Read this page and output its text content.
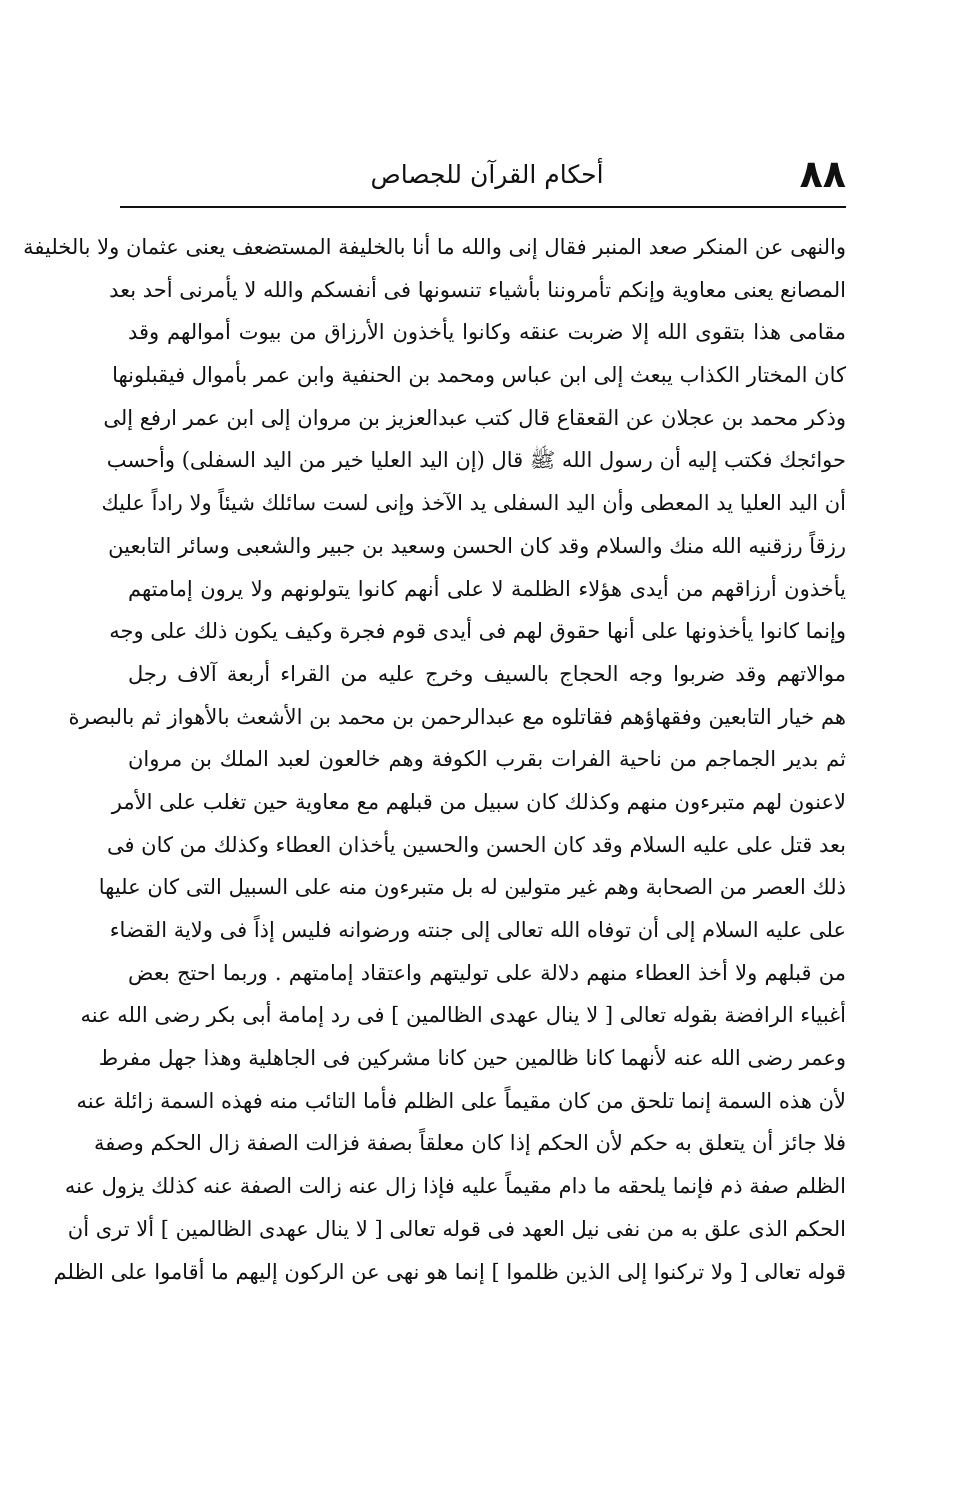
٨٨
أحكام القرآن للجصاص
والنهى عن المنكر صعد المنبر فقال إنى والله ما أنا بالخليفة المستضعف يعنى عثمان ولا بالخليفة
المصانع يعنى معاوية وإنكم تأمروننا بأشياء تنسونها فى أنفسكم والله لا يأمرنى أحد بعد
مقامى هذا بتقوى الله إلا ضربت عنقه وكانوا يأخذون الأرزاق من بيوت أموالهم وقد
كان المختار الكذاب يبعث إلى ابن عباس ومحمد بن الحنفية وابن عمر بأموال فيقبلونها
وذكر محمد بن عجلان عن القعقاع قال كتب عبدالعزيز بن مروان إلى ابن عمر ارفع إلى
حوائجك فكتب إليه أن رسول الله ﷺ قال (إن اليد العليا خير من اليد السفلى) وأحسب
أن اليد العليا يد المعطى وأن اليد السفلى يد الآخذ وإنى لست سائلك شيئاً ولا راداً عليك
رزقاً رزقنيه الله منك والسلام وقد كان الحسن وسعيد بن جبير والشعبى وسائر التابعين
يأخذون أرزاقهم من أيدى هؤلاء الظلمة لا على أنهم كانوا يتولونهم ولا يرون إمامتهم
وإنما كانوا يأخذونها على أنها حقوق لهم فى أيدى قوم فجرة وكيف يكون ذلك على وجه
موالاتهم وقد ضربوا وجه الحجاج بالسيف وخرج عليه من القراء أربعة آلاف رجل
هم خيار التابعين وفقهاؤهم فقاتلوه مع عبدالرحمن بن محمد بن الأشعث بالأهواز ثم بالبصرة
ثم بدير الجماجم من ناحية الفرات بقرب الكوفة وهم خالعون لعبد الملك بن مروان
لاعنون لهم متبرءون منهم وكذلك كان سبيل من قبلهم مع معاوية حين تغلب على الأمر
بعد قتل على عليه السلام وقد كان الحسن والحسين يأخذان العطاء وكذلك من كان فى
ذلك العصر من الصحابة وهم غير متولين له بل متبرءون منه على السبيل التى كان عليها
على عليه السلام إلى أن توفاه الله تعالى إلى جنته ورضوانه فليس إذاً فى ولاية القضاء
من قبلهم ولا أخذ العطاء منهم دلالة على توليتهم واعتقاد إمامتهم . وربما احتج بعض
أغبياء الرافضة بقوله تعالى [ لا ينال عهدى الظالمين ] فى رد إمامة أبى بكر رضى الله عنه
وعمر رضى الله عنه لأنهما كانا ظالمين حين كانا مشركين فى الجاهلية وهذا جهل مفرط
لأن هذه السمة إنما تلحق من كان مقيماً على الظلم فأما التائب منه فهذه السمة زائلة عنه
فلا جائز أن يتعلق به حكم لأن الحكم إذا كان معلقاً بصفة فزالت الصفة زال الحكم وصفة
الظلم صفة ذم فإنما يلحقه ما دام مقيماً عليه فإذا زال عنه زالت الصفة عنه كذلك يزول عنه
الحكم الذى علق به من نفى نيل العهد فى قوله تعالى [ لا ينال عهدى الظالمين ] ألا ترى أن
قوله تعالى [ ولا تركنوا إلى الذين ظلموا ] إنما هو نهى عن الركون إليهم ما أقاموا على الظلم
